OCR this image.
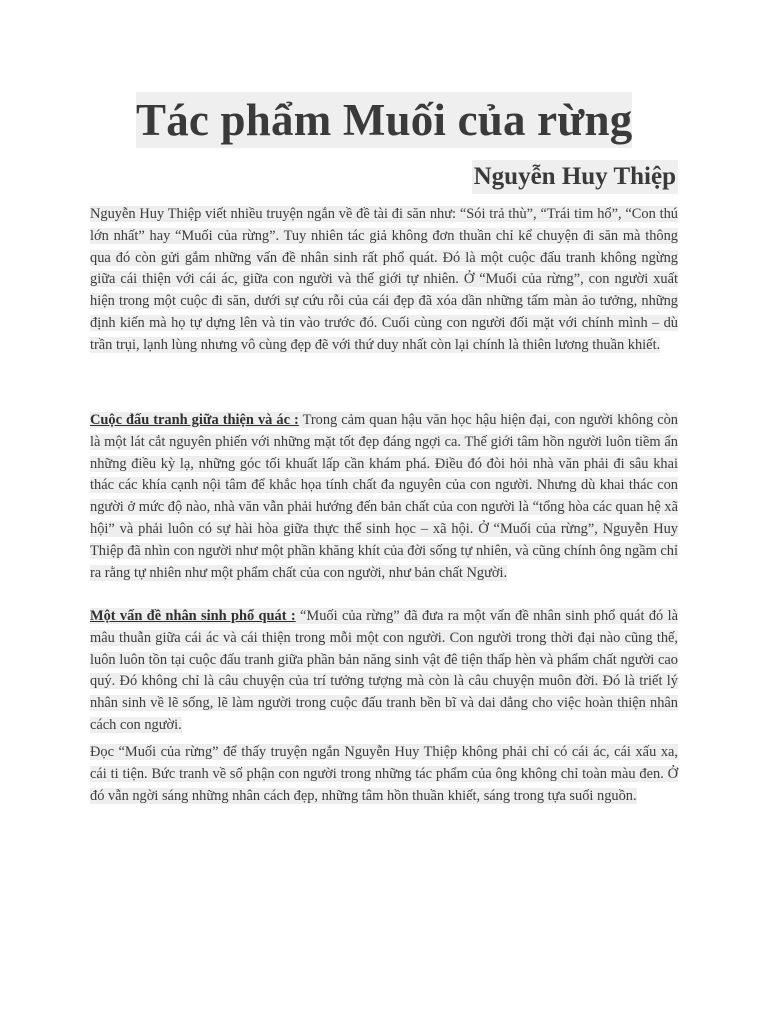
Tác phẩm Muối của rừng
Nguyễn Huy Thiệp

Nguyễn Huy Thiệp viết nhiều truyện ngắn về đề tài đi săn như: “Sói trả thù”, “Trái tim hổ”, “Con thú lớn nhất” hay “Muối của rừng”. Tuy nhiên tác giả không đơn thuần chỉ kể chuyện đi săn mà thông qua đó còn gửi gắm những vấn đề nhân sinh rất phổ quát. Đó là một cuộc đấu tranh không ngừng giữa cái thiện với cái ác, giữa con người và thế giới tự nhiên. Ở “Muối của rừng”, con người xuất hiện trong một cuộc đi săn, dưới sự cứu rỗi của cái đẹp đã xóa dần những tấm màn ảo tưởng, những định kiến mà họ tự dựng lên và tin vào trước đó. Cuối cùng con người đối mặt với chính mình – dù trần trụi, lạnh lùng nhưng vô cùng đẹp đẽ với thứ duy nhất còn lại chính là thiên lương thuần khiết.

Cuộc đấu tranh giữa thiện và ác : Trong cảm quan hậu văn học hậu hiện đại, con người không còn là một lát cắt nguyên phiến với những mặt tốt đẹp đáng ngợi ca. Thế giới tâm hồn người luôn tiềm ẩn những điều kỳ lạ, những góc tối khuất lấp cần khám phá. Điều đó đòi hỏi nhà văn phải đi sâu khai thác các khía cạnh nội tâm để khắc họa tính chất đa nguyên của con người. Nhưng dù khai thác con người ở mức độ nào, nhà văn vẫn phải hướng đến bản chất của con người là “tổng hòa các quan hệ xã hội” và phải luôn có sự hài hòa giữa thực thể sinh học – xã hội. Ở “Muối của rừng”, Nguyễn Huy Thiệp đã nhìn con người như một phần khăng khít của đời sống tự nhiên, và cũng chính ông ngầm chỉ ra rằng tự nhiên như một phẩm chất của con người, như bản chất Người.

Một vấn đề nhân sinh phổ quát : “Muối của rừng” đã đưa ra một vấn đề nhân sinh phổ quát đó là mâu thuẫn giữa cái ác và cái thiện trong mỗi một con người. Con người trong thời đại nào cũng thế, luôn luôn tồn tại cuộc đấu tranh giữa phần bản năng sinh vật đê tiện thấp hèn và phẩm chất người cao quý. Đó không chỉ là câu chuyện của trí tưởng tượng mà còn là câu chuyện muôn đời. Đó là triết lý nhân sinh về lẽ sống, lẽ làm người trong cuộc đấu tranh bền bĩ và dai dẳng cho việc hoàn thiện nhân cách con người.

Đọc “Muối của rừng” để thấy truyện ngắn Nguyễn Huy Thiệp không phải chỉ có cái ác, cái xấu xa, cái ti tiện. Bức tranh về số phận con người trong những tác phẩm của ông không chỉ toàn màu đen. Ở đó vẫn ngời sáng những nhân cách đẹp, những tâm hồn thuần khiết, sáng trong tựa suối nguồn.
